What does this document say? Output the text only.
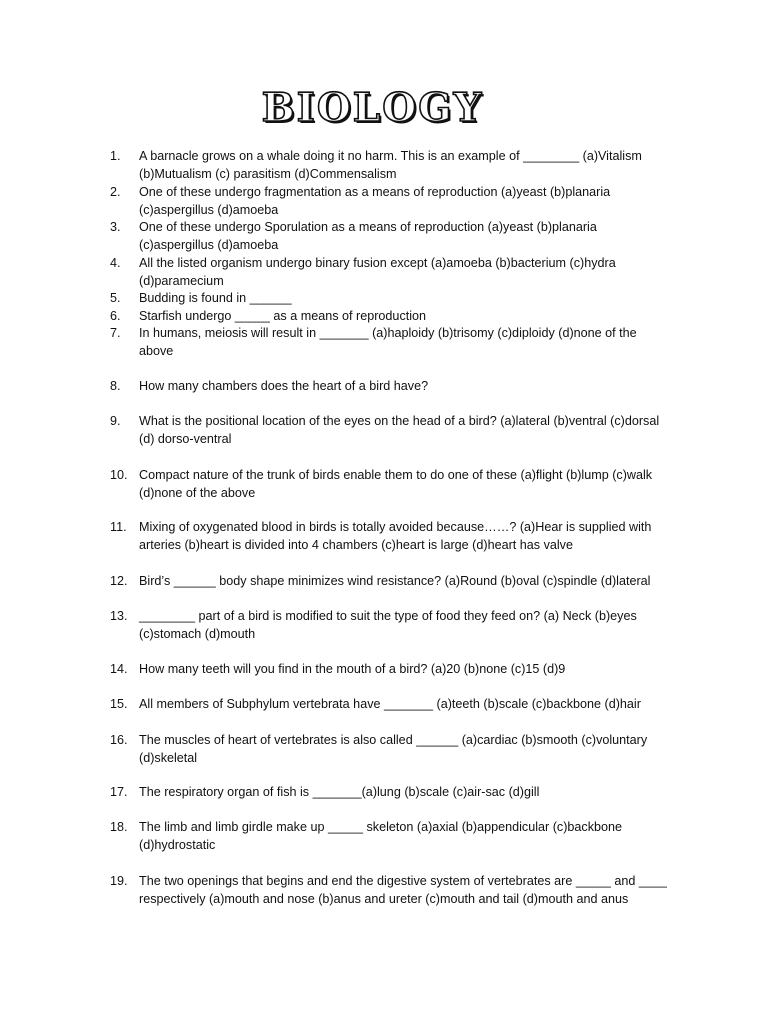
BIOLOGY
1.	A barnacle grows on a whale doing it no harm. This is an example of ________ (a)Vitalism (b)Mutualism (c) parasitism (d)Commensalism
2.	One of these undergo fragmentation as a means of reproduction (a)yeast (b)planaria (c)aspergillus (d)amoeba
3.	One of these undergo Sporulation as a means of reproduction (a)yeast (b)planaria (c)aspergillus (d)amoeba
4.	All the listed organism undergo binary fusion except (a)amoeba (b)bacterium (c)hydra (d)paramecium
5.	Budding is found in ______
6.	Starfish undergo _____ as a means of reproduction
7.	In humans, meiosis will result in _______ (a)haploidy (b)trisomy (c)diploidy (d)none of the above
8.	How many chambers does the heart of a bird have?
9.	What is the positional location of the eyes on the head of a bird? (a)lateral (b)ventral (c)dorsal (d) dorso-ventral
10. Compact nature of the trunk of birds enable them to do one of these (a)flight (b)lump (c)walk (d)none of the above
11. Mixing of oxygenated blood in birds is totally avoided because……? (a)Hear is supplied with arteries (b)heart is divided into 4 chambers (c)heart is large (d)heart has valve
12. Bird’s ______ body shape minimizes wind resistance? (a)Round (b)oval (c)spindle (d)lateral
13. ________ part of a bird is modified to suit the type of food they feed on? (a) Neck (b)eyes (c)stomach (d)mouth
14. How many teeth will you find in the mouth of a bird? (a)20 (b)none (c)15 (d)9
15. All members of Subphylum vertebrata have _______ (a)teeth (b)scale (c)backbone (d)hair
16. The muscles of heart of vertebrates is also called ______ (a)cardiac (b)smooth (c)voluntary (d)skeletal
17. The respiratory organ of fish is _______(a)lung (b)scale (c)air-sac (d)gill
18. The limb and limb girdle make up _____ skeleton (a)axial (b)appendicular (c)backbone (d)hydrostatic
19. The two openings that begins and end the digestive system of vertebrates are _____ and ____ respectively (a)mouth and nose (b)anus and ureter (c)mouth and tail (d)mouth and anus
